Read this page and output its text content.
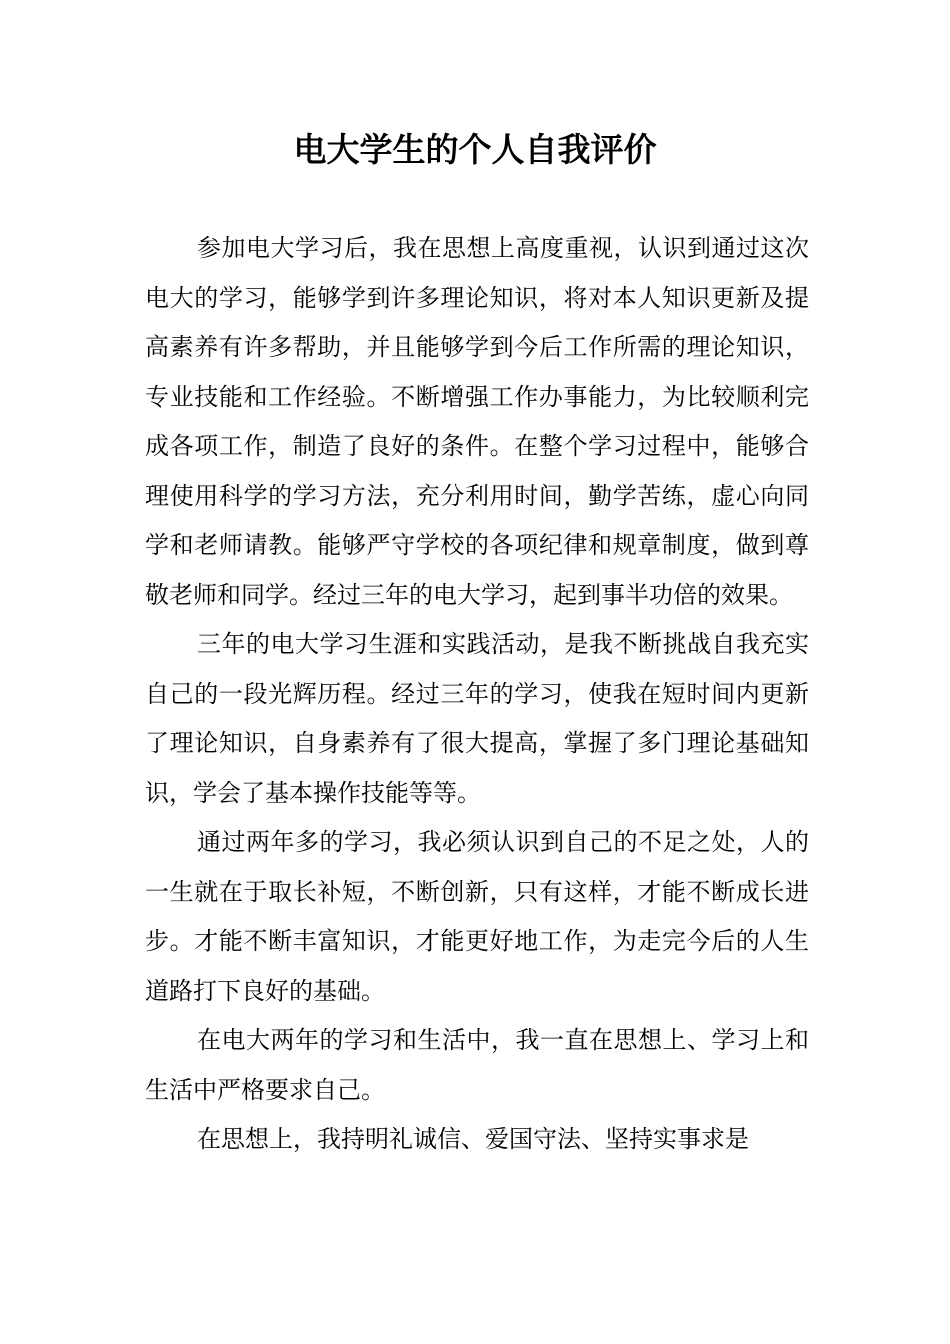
电大学生的个人自我评价

参加电大学习后，我在思想上高度重视，认识到通过这次电大的学习，能够学到许多理论知识，将对本人知识更新及提高素养有许多帮助，并且能够学到今后工作所需的理论知识，专业技能和工作经验。不断增强工作办事能力，为比较顺利完成各项工作，制造了良好的条件。在整个学习过程中，能够合理使用科学的学习方法，充分利用时间，勤学苦练，虚心向同学和老师请教。能够严守学校的各项纪律和规章制度，做到尊敬老师和同学。经过三年的电大学习，起到事半功倍的效果。

三年的电大学习生涯和实践活动，是我不断挑战自我充实自己的一段光辉历程。经过三年的学习，使我在短时间内更新了理论知识，自身素养有了很大提高，掌握了多门理论基础知识，学会了基本操作技能等等。

通过两年多的学习，我必须认识到自己的不足之处，人的一生就在于取长补短，不断创新，只有这样，才能不断成长进步。才能不断丰富知识，才能更好地工作，为走完今后的人生道路打下良好的基础。

在电大两年的学习和生活中，我一直在思想上、学习上和生活中严格要求自己。

在思想上，我持明礼诚信、爱国守法、坚持实事求是
